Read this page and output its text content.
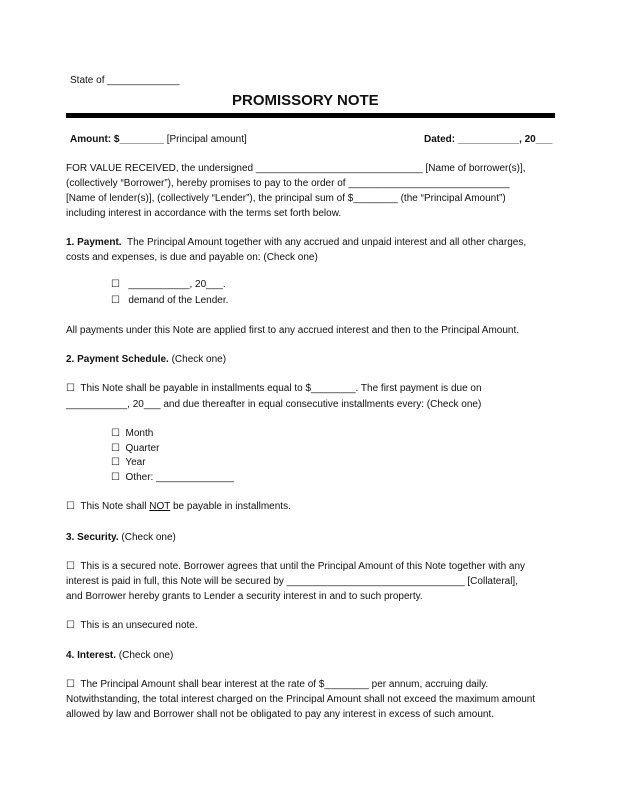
State of _____________
PROMISSORY NOTE
Amount: $________ [Principal amount]	Dated: ___________, 20___
FOR VALUE RECEIVED, the undersigned ______________________________ [Name of borrower(s)],
(collectively “Borrower”), hereby promises to pay to the order of _____________________________
[Name of lender(s)], (collectively “Lender”), the principal sum of $________ (the “Principal Amount”)
including interest in accordance with the terms set forth below.
1. Payment.  The Principal Amount together with any accrued and unpaid interest and all other charges,
costs and expenses, is due and payable on: (Check one)
☐ ___________, 20___.
☐ demand of the Lender.
All payments under this Note are applied first to any accrued interest and then to the Principal Amount.
2. Payment Schedule. (Check one)
☐ This Note shall be payable in installments equal to $________. The first payment is due on
___________, 20___ and due thereafter in equal consecutive installments every: (Check one)
☐ Month
☐ Quarter
☐ Year
☐ Other: ______________
☐ This Note shall NOT be payable in installments.
3. Security. (Check one)
☐ This is a secured note. Borrower agrees that until the Principal Amount of this Note together with any
interest is paid in full, this Note will be secured by ________________________________ [Collateral],
and Borrower hereby grants to Lender a security interest in and to such property.
☐ This is an unsecured note.
4. Interest. (Check one)
☐ The Principal Amount shall bear interest at the rate of $________ per annum, accruing daily.
Notwithstanding, the total interest charged on the Principal Amount shall not exceed the maximum amount
allowed by law and Borrower shall not be obligated to pay any interest in excess of such amount.
